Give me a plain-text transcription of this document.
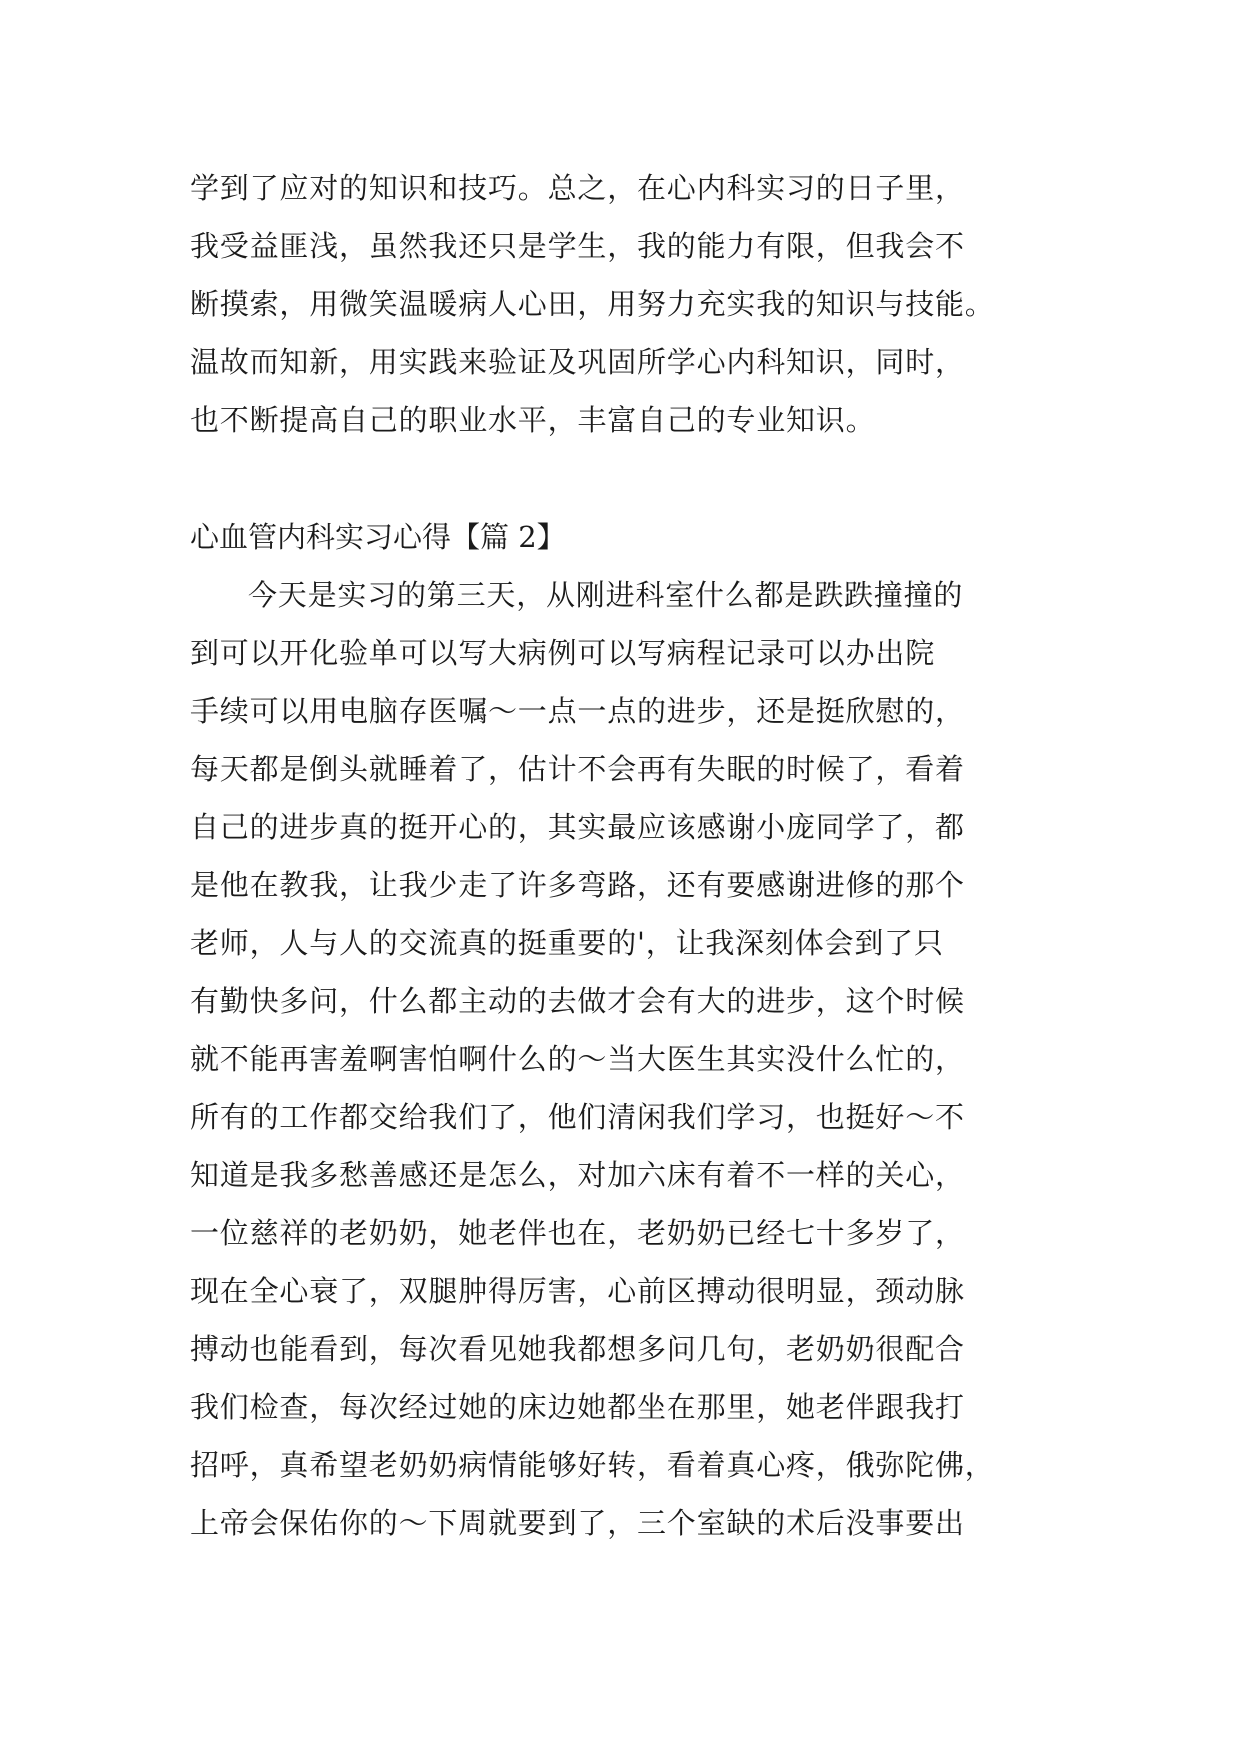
学到了应对的知识和技巧。总之，在心内科实习的日子里，
我受益匪浅，虽然我还只是学生，我的能力有限，但我会不
断摸索，用微笑温暖病人心田，用努力充实我的知识与技能。
温故而知新，用实践来验证及巩固所学心内科知识，同时，
也不断提高自己的职业水平，丰富自己的专业知识。
心血管内科实习心得【篇 2】
今天是实习的第三天，从刚进科室什么都是跌跌撞撞的
到可以开化验单可以写大病例可以写病程记录可以办出院
手续可以用电脑存医嘱～一点一点的进步，还是挺欣慰的，
每天都是倒头就睡着了，估计不会再有失眠的时候了，看着
自己的进步真的挺开心的，其实最应该感谢小庞同学了，都
是他在教我，让我少走了许多弯路，还有要感谢进修的那个
老师，人与人的交流真的挺重要的'，让我深刻体会到了只
有勤快多问，什么都主动的去做才会有大的进步，这个时候
就不能再害羞啊害怕啊什么的～当大医生其实没什么忙的，
所有的工作都交给我们了，他们清闲我们学习，也挺好～不
知道是我多愁善感还是怎么，对加六床有着不一样的关心，
一位慈祥的老奶奶，她老伴也在，老奶奶已经七十多岁了，
现在全心衰了，双腿肿得厉害，心前区搏动很明显，颈动脉
搏动也能看到，每次看见她我都想多问几句，老奶奶很配合
我们检查，每次经过她的床边她都坐在那里，她老伴跟我打
招呼，真希望老奶奶病情能够好转，看着真心疼，俄弥陀佛，
上帝会保佑你的～下周就要到了，三个室缺的术后没事要出
